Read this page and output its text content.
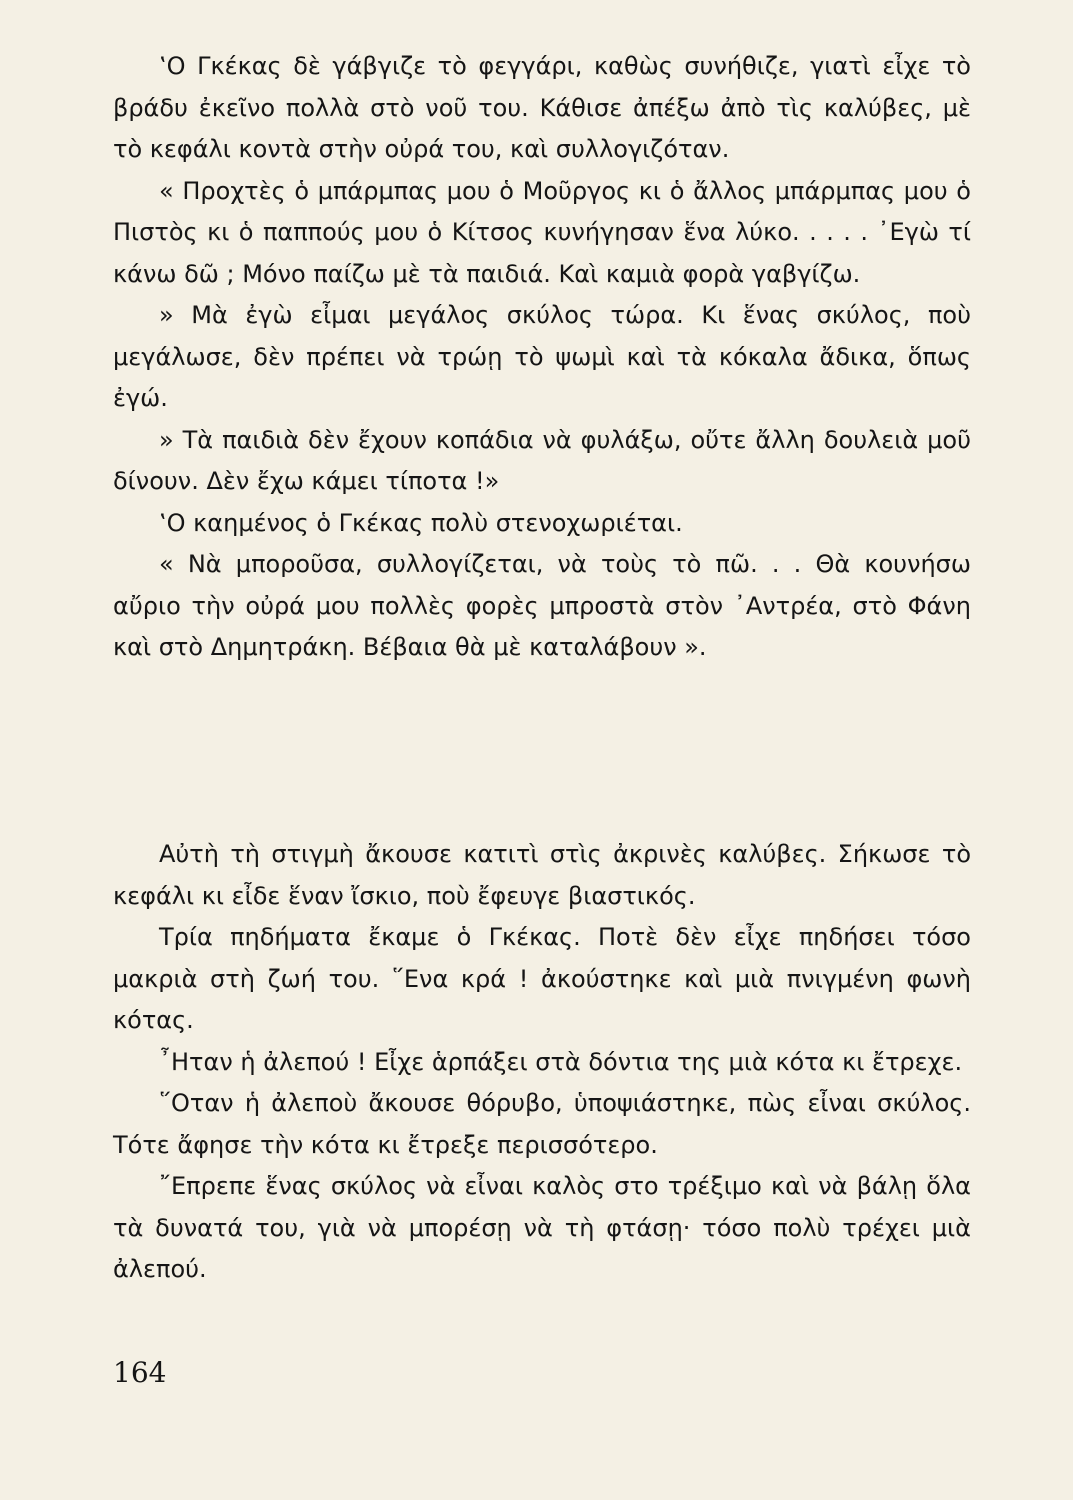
‛Ο Γκέκας δὲ γάβγιζε τὸ φεγγάρι, καθὼς συνήθιζε, γιατὶ εἶχε τὸ βράδυ ἐκεῖνο πολλὰ στὸ νοῦ του. Κάθισε ἀπέξω ἀπὸ τὶς καλύβες, μὲ τὸ κεφάλι κοντὰ στὴν οὐρά του, καὶ συλλογιζόταν.

« Προχτὲς ὁ μπάρμπας μου ὁ Μοῦργος κι ὁ ἄλλος μπάρμπας μου ὁ Πιστὸς κι ὁ παππούς μου ὁ Κίτσος κυνήγησαν ἕνα λύκο. . . . . ᾿Εγὼ τί κάνω δῶ ; Μόνο παίζω μὲ τὰ παιδιά. Καὶ καμιὰ φορὰ γαβγίζω.

» Μὰ ἐγὼ εἶμαι μεγάλος σκύλος τώρα. Κι ἕνας σκύλος, ποὺ μεγάλωσε, δὲν πρέπει νὰ τρώῃ τὸ ψωμὶ καὶ τὰ κόκαλα ἄδικα, ὅπως ἐγώ.

» Τὰ παιδιὰ δὲν ἔχουν κοπάδια νὰ φυλάξω, οὔτε ἄλλη δουλειὰ μοῦ δίνουν. Δὲν ἔχω κάμει τίποτα !»

‛Ο καημένος ὁ Γκέκας πολὺ στενοχωριέται.

« Νὰ μποροῦσα, συλλογίζεται, νὰ τοὺς τὸ πῶ. . . Θὰ κουνήσω αὔριο τὴν οὐρά μου πολλὲς φορὲς μπροστὰ στὸν ᾿Αντρέα, στὸ Φάνη καὶ στὸ Δημητράκη. Βέβαια θὰ μὲ καταλάβουν ».

Αὐτὴ τὴ στιγμὴ ἄκουσε κατιτὶ στὶς ἀκρινὲς καλύβες. Σήκωσε τὸ κεφάλι κι εἶδε ἕναν ἴσκιο, ποὺ ἔφευγε βιαστικός.

Τρία πηδήματα ἔκαμε ὁ Γκέκας. Ποτὲ δὲν εἶχε πηδήσει τόσο μακριὰ στὴ ζωή του. ῞Ενα κρά ! ἀκούστηκε καὶ μιὰ πνιγμένη φωνὴ κότας.

῏Ηταν ἡ ἀλεπού ! Εἶχε ἁρπάξει στὰ δόντια της μιὰ κότα κι ἔτρεχε.

῞Οταν ἡ ἀλεποὺ ἄκουσε θόρυβο, ὑποψιάστηκε, πὼς εἶναι σκύλος. Τότε ἄφησε τὴν κότα κι ἔτρεξε περισσότερο.

῎Επρεπε ἕνας σκύλος νὰ εἶναι καλὸς στο τρέξιμο καὶ νὰ βάλῃ ὅλα τὰ δυνατά του, γιὰ νὰ μπορέσῃ νὰ τὴ φτάσῃ· τόσο πολὺ τρέχει μιὰ ἀλεπού.

164
